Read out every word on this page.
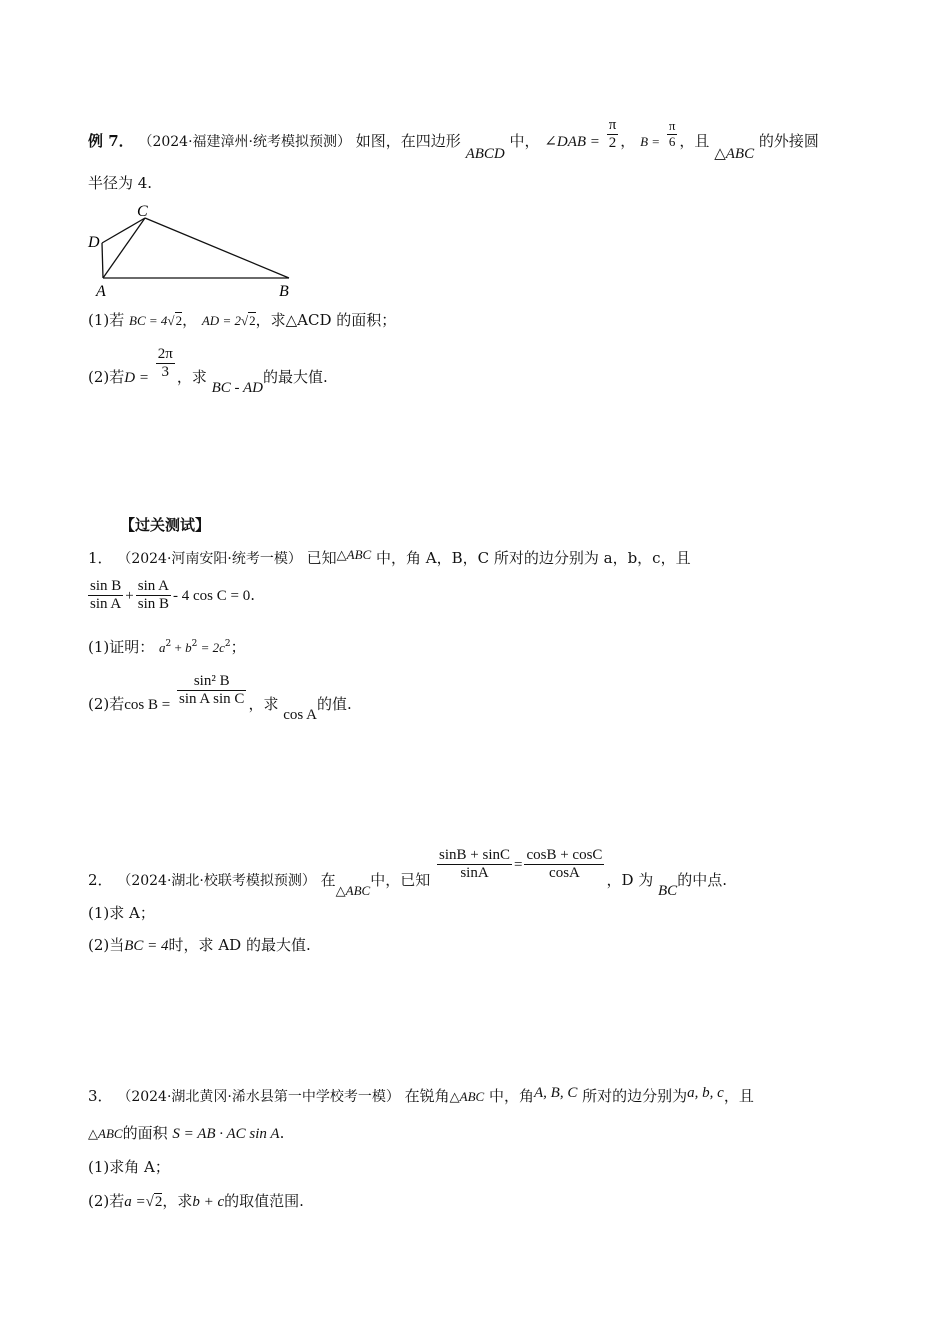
例 7． （2024·福建漳州·统考模拟预测） 如图，在四边形 ABCD 中， ∠DAB = $\frac{\pi}{2}$ ， $B = \frac{\pi}{6}$ ，且 △ABC 的外接圆
半径为 4.
C
D
A	B
(1)若 BC = 4√2， AD = 2√2，求△ACD 的面积；
(2)若$D = \frac{2\pi}{3}$ ，求 BC - AD的最大值.
【过关测试】
1． （2024·河南安阳·统考一模） 已知△ABC 中，角 A，B，C 所对的边分别为 a，b，c，且
$\frac{\text{sin B}}{\text{sin A}} + \frac{\text{sin A}}{\text{sin B}} - 4$ cos C = 0.
(1)证明： $a^2 + b^2 = 2c^2$；
(2)若$\cos B = \frac{\text{sin² B}}{\text{sin A sin C}}$ ，求 cos A的值.
2． （2024·湖北·校联考模拟预测） 在△ABC中，已知 $\frac{\sin B + \sin C}{\sin A} = \frac{\cos B + \cos C}{\cos A}$ ，D 为 BC的中点.
(1)求 A；
(2)当BC = 4时，求 AD 的最大值.
3． （2024·湖北黄冈·浠水县第一中学校考一模） 在锐角△ABC 中，角A, B, C 所对的边分别为a, b, c，且
△ABC的面积 S = AB · AC sin A.
(1)求角 A；
(2)若a =√2，求b + c的取值范围.
